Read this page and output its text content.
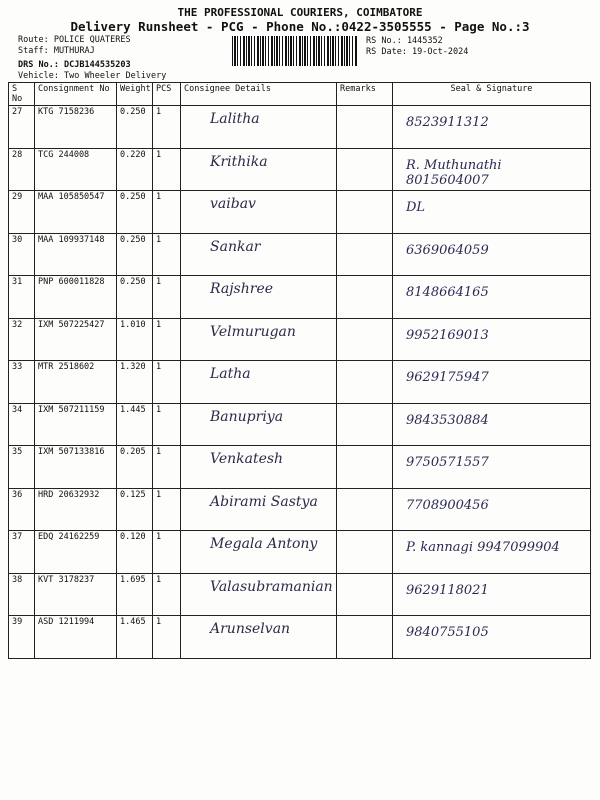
THE PROFESSIONAL COURIERS, COIMBATORE
Delivery Runsheet - PCG - Phone No.:0422-3505555 - Page No.:3
Route: POLICE QUATERES
Staff: MUTHURAJ
DRS No.: DCJB144535203
Vehicle: Two Wheeler Delivery
RS No.: 1445352
RS Date: 19-Oct-2024
S No	Consignment No	Weight	PCS	Consignee Details	Remarks	Seal & Signature
27	KTG 7158236	0.250	1	Lalitha		8523911312

28	TCG 244008	0.220	1	Krithika		R. Muthunathi 8015604007

29	MAA 105850547	0.250	1	vaibav		DL

30	MAA 109937148	0.250	1	Sankar		6369064059

31	PNP 600011828	0.250	1	Rajshree		8148664165

32	IXM 507225427	1.010	1	Velmurugan		9952169013

33	MTR 2518602	1.320	1	Latha		9629175947

34	IXM 507211159	1.445	1	Banupriya		9843530884

35	IXM 507133816	0.205	1	Venkatesh		9750571557

36	HRD 20632932	0.125	1	Abirami Sastya		7708900456

37	EDQ 24162259	0.120	1	Megala Antony		P. kannagi 9947099904

38	KVT 3178237	1.695	1	Valasubramanian		9629118021

39	ASD 1211994	1.465	1	Arunselvan		9840755105
